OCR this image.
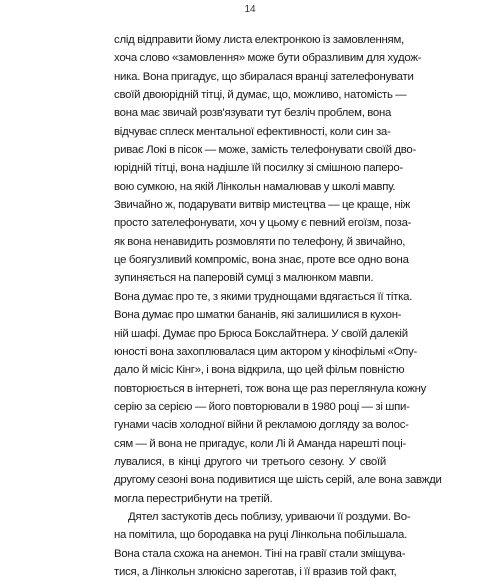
14
слід відправити йому листа електронкою із замовленням,
хоча слово «замовлення» може бути образливим для худож-
ника. Вона пригадує, що збиралася вранці зателефонувати
своїй двоюрідній тітці, й думає, що, можливо, натомість —
вона має звичай розв'язувати тут безліч проблем, вона
відчуває сплеск ментальної ефективності, коли син за-
риває Локі в пісок — може, замість телефонувати своїй дво-
юрідній тітці, вона надішле їй посилку зі смішною паперо-
вою сумкою, на якій Лінкольн намалював у школі мавпу.
Звичайно ж, подарувати витвір мистецтва — це краще, ніж
просто зателефонувати, хоч у цьому є певний егоїзм, поза-
як вона ненавидить розмовляти по телефону, й звичайно,
це боягузливий компроміс, вона знає, проте все одно вона
зупиняється на паперовій сумці з малюнком мавпи.
Вона думає про те, з якими труднощами вдягається її тітка.
Вона думає про шматки бананів, які залишилися в кухон-
ній шафі. Думає про Брюса Бокслайтнера. У своїй далекій
юності вона захоплювалася цим актором у кінофільмі «Опу-
дало й місіс Кінг», і вона відкрила, що цей фільм повністю
повторюється в інтернеті, тож вона ще раз переглянула кожну
серію за серією — його повторювали в 1980 році — зі шпи-
гунами часів холодної війни й рекламою догляду за волос-
сям — й вона не пригадує, коли Лі й Аманда нарешті поці-
лувалися, в кінці другого чи третього сезону. У своїй
другому сезоні вона подивитися ще шість серій, але вона завжди
могла перестрибнути на третій.
Дятел застукотів десь поблизу, уриваючи її роздуми. Во-
на помітила, що бородавка на руці Лінкольна побільшала.
Вона стала схожа на анемон. Тіні на гравії стали зміщува-
тися, а Лінкольн злюкісно зареготав, і її вразив той факт,
